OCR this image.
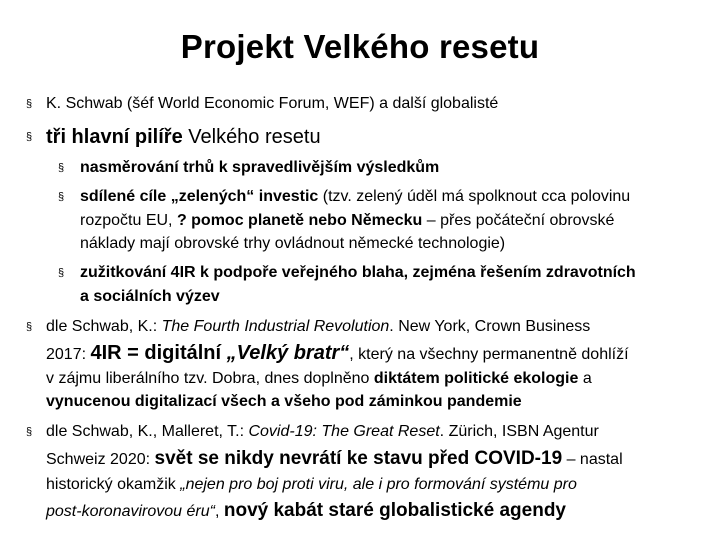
Projekt Velkého resetu
§ K. Schwab (šéf World Economic Forum, WEF) a další globalisté
§ tři hlavní pilíře Velkého resetu
§ nasměrování trhů k spravedlivějším výsledkům
§ sdílené cíle „zelených“ investic (tzv. zelený úděl má spolknout cca polovinu
rozpočtu EU, ? pomoc planetě nebo Německu – přes počáteční obrovské
náklady mají obrovské trhy ovládnout německé technologie)
§ zužitkování 4IR k podpoře veřejného blaha, zejména řešením zdravotních
a sociálních výzev
§ dle Schwab, K.: The Fourth Industrial Revolution. New York, Crown Business
2017: 4IR = digitální „Velký bratr“, který na všechny permanentně dohlíží
v zájmu liberálního tzv. Dobra, dnes doplněno diktátem politické ekologie a
vynucenou digitalizací všech a všeho pod záminkou pandemie
§ dle Schwab, K., Malleret, T.: Covid-19: The Great Reset. Zürich, ISBN Agentur
Schweiz 2020: svět se nikdy nevrátí ke stavu před COVID-19 – nastal
historický okamžik „nejen pro boj proti viru, ale i pro formování systému pro
post-koronavirovou éru“, nový kabát staré globalistické agendy
